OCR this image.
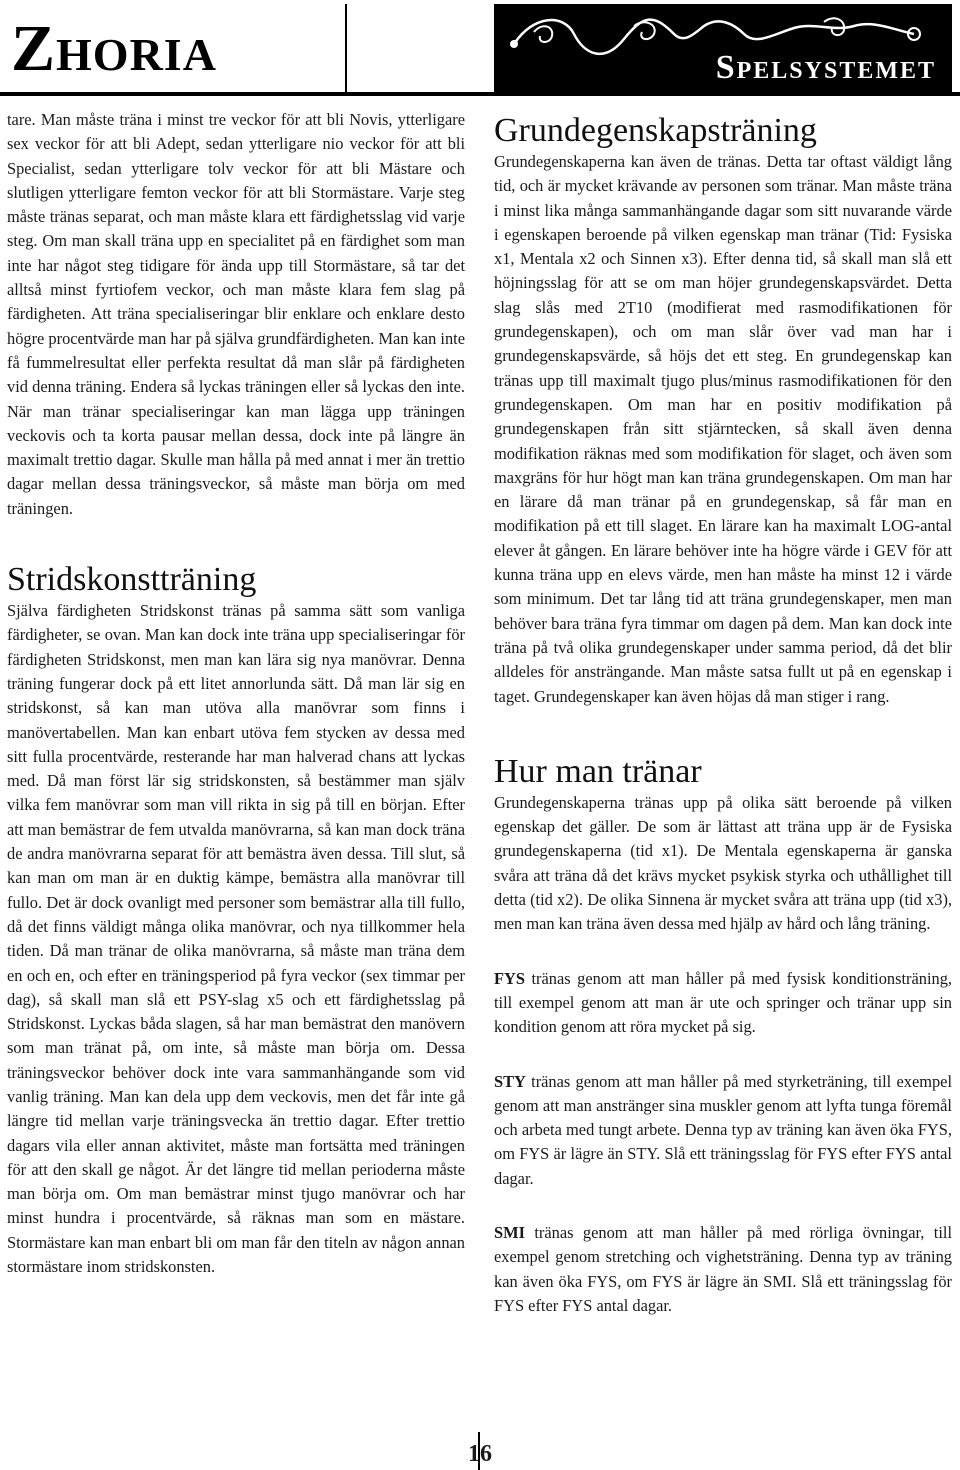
Zhoria	Spelsystemet

tare. Man måste träna i minst tre veckor för att bli Novis, ytterligare sex veckor för att bli Adept, sedan ytterligare nio veckor för att bli Specialist, sedan ytterligare tolv veckor för att bli Mästare och slutligen ytterligare femton veckor för att bli Stormästare. Varje steg måste tränas separat, och man måste klara ett färdighetsslag vid varje steg. Om man skall träna upp en specialitet på en färdighet som man inte har något steg tidigare för ända upp till Stormästare, så tar det alltså minst fyrtiofem veckor, och man måste klara fem slag på färdigheten. Att träna specialiseringar blir enklare och enklare desto högre procentvärde man har på själva grundfärdigheten. Man kan inte få fummelresultat eller perfekta resultat då man slår på färdigheten vid denna träning. Endera så lyckas träningen eller så lyckas den inte. När man tränar specialiseringar kan man lägga upp träningen veckovis och ta korta pausar mellan dessa, dock inte på längre än maximalt trettio dagar. Skulle man hålla på med annat i mer än trettio dagar mellan dessa träningsveckor, så måste man börja om med träningen.

Stridskonstträning

Själva färdigheten Stridskonst tränas på samma sätt som vanliga färdigheter, se ovan. Man kan dock inte träna upp specialiseringar för färdigheten Stridskonst, men man kan lära sig nya manövrar. Denna träning fungerar dock på ett litet annorlunda sätt. Då man lär sig en stridskonst, så kan man utöva alla manövrar som finns i manövertabellen. Man kan enbart utöva fem stycken av dessa med sitt fulla procentvärde, resterande har man halverad chans att lyckas med. Då man först lär sig stridskonsten, så bestämmer man själv vilka fem manövrar som man vill rikta in sig på till en början. Efter att man bemästrar de fem utvalda manövrarna, så kan man dock träna de andra manövrarna separat för att bemästra även dessa. Till slut, så kan man om man är en duktig kämpe, bemästra alla manövrar till fullo. Det är dock ovanligt med personer som bemästrar alla till fullo, då det finns väldigt många olika manövrar, och nya tillkommer hela tiden. Då man tränar de olika manövrarna, så måste man träna dem en och en, och efter en träningsperiod på fyra veckor (sex timmar per dag), så skall man slå ett PSY-slag x5 och ett färdighetsslag på Stridskonst. Lyckas båda slagen, så har man bemästrat den manövern som man tränat på, om inte, så måste man börja om. Dessa träningsveckor behöver dock inte vara sammanhängande som vid vanlig träning. Man kan dela upp dem veckovis, men det får inte gå längre tid mellan varje träningsvecka än trettio dagar. Efter trettio dagars vila eller annan aktivitet, måste man fortsätta med träningen för att den skall ge något. Är det längre tid mellan perioderna måste man börja om. Om man bemästrar minst tjugo manövrar och har minst hundra i procentvärde, så räknas man som en mästare. Stormästare kan man enbart bli om man får den titeln av någon annan stormästare inom stridskonsten.

Grundegenskapsträning

Grundegenskaperna kan även de tränas. Detta tar oftast väldigt lång tid, och är mycket krävande av personen som tränar. Man måste träna i minst lika många sammanhängande dagar som sitt nuvarande värde i egenskapen beroende på vilken egenskap man tränar (Tid: Fysiska x1, Mentala x2 och Sinnen x3). Efter denna tid, så skall man slå ett höjningsslag för att se om man höjer grundegenskapsvärdet. Detta slag slås med 2T10 (modifierat med rasmodifikationen för grundegenskapen), och om man slår över vad man har i grundegenskapsvärde, så höjs det ett steg. En grundegenskap kan tränas upp till maximalt tjugo plus/minus rasmodifikationen för den grundegenskapen. Om man har en positiv modifikation på grundegenskapen från sitt stjärntecken, så skall även denna modifikation räknas med som modifikation för slaget, och även som maxgräns för hur högt man kan träna grundegenskapen. Om man har en lärare då man tränar på en grundegenskap, så får man en modifikation på ett till slaget. En lärare kan ha maximalt LOG-antal elever åt gången. En lärare behöver inte ha högre värde i GEV för att kunna träna upp en elevs värde, men han måste ha minst 12 i värde som minimum. Det tar lång tid att träna grundegenskaper, men man behöver bara träna fyra timmar om dagen på dem. Man kan dock inte träna på två olika grundegenskaper under samma period, då det blir alldeles för ansträngande. Man måste satsa fullt ut på en egenskap i taget. Grundegenskaper kan även höjas då man stiger i rang.

Hur man tränar

Grundegenskaperna tränas upp på olika sätt beroende på vilken egenskap det gäller. De som är lättast att träna upp är de Fysiska grundegenskaperna (tid x1). De Mentala egenskaperna är ganska svåra att träna då det krävs mycket psykisk styrka och uthållighet till detta (tid x2). De olika Sinnena är mycket svåra att träna upp (tid x3), men man kan träna även dessa med hjälp av hård och lång träning.

FYS tränas genom att man håller på med fysisk konditionsträning, till exempel genom att man är ute och springer och tränar upp sin kondition genom att röra mycket på sig.

STY tränas genom att man håller på med styrketräning, till exempel genom att man anstränger sina muskler genom att lyfta tunga föremål och arbeta med tungt arbete. Denna typ av träning kan även öka FYS, om FYS är lägre än STY. Slå ett träningsslag för FYS efter FYS antal dagar.

SMI tränas genom att man håller på med rörliga övningar, till exempel genom stretching och vighetsträning. Denna typ av träning kan även öka FYS, om FYS är lägre än SMI. Slå ett träningsslag för FYS efter FYS antal dagar.

16
